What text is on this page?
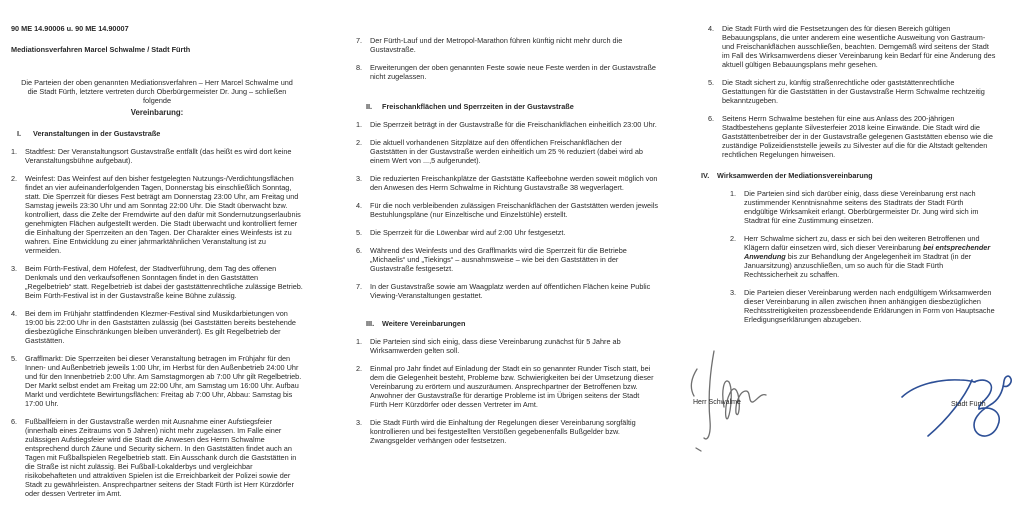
90 ME 14.90006 u. 90 ME 14.90007
Mediationsverfahren Marcel Schwalme / Stadt Fürth
Die Parteien der oben genannten Mediationsverfahren – Herr Marcel Schwalme und die Stadt Fürth, letztere vertreten durch Oberbürgermeister Dr. Jung – schließen folgende
Vereinbarung:
I.	Veranstaltungen in der Gustavstraße
1.	Stadtfest: Der Veranstaltungsort Gustavstraße entfällt (das heißt es wird dort keine Veranstaltungsbühne aufgebaut).
2.	Weinfest: Das Weinfest auf den bisher festgelegten Nutzungs-/Verdichtungsflächen findet an vier aufeinanderfolgenden Tagen, Donnerstag bis einschließlich Sonntag, statt. Die Sperrzeit für dieses Fest beträgt am Donnerstag 23:00 Uhr, am Freitag und Samstag jeweils 23:30 Uhr und am Sonntag 22:00 Uhr. Die Stadt überwacht bzw. kontrolliert, dass die Zelte der Fremdwirte auf den dafür mit Sondernutzungserlaubnis genehmigten Flächen aufgestellt werden. Die Stadt überwacht und kontrolliert ferner die Einhaltung der Sperrzeiten an den Tagen. Der Charakter eines Weinfests ist zu wahren. Eine Entwicklung zu einer jahrmarktähnlichen Veranstaltung ist zu vermeiden.
3.	Beim Fürth-Festival, dem Höfefest, der Stadtverführung, dem Tag des offenen Denkmals und den verkaufsoffenen Sonntagen findet in den Gaststätten „Regelbetrieb“ statt. Regelbetrieb ist dabei der gaststättenrechtliche zulässige Betrieb. Beim Fürth-Festival ist in der Gustavstraße keine Bühne zulässig.
4.	Bei dem im Frühjahr stattfindenden Klezmer-Festival sind Musikdarbietungen von 19:00 bis 22:00 Uhr in den Gaststätten zulässig (bei Gaststätten bereits bestehende diesbezügliche Einschränkungen bleiben unverändert). Es gilt Regelbetrieb der Gaststätten.
5.	Grafflmarkt: Die Sperrzeiten bei dieser Veranstaltung betragen im Frühjahr für den Innen- und Außenbetrieb jeweils 1:00 Uhr, im Herbst für den Außenbetrieb 24:00 Uhr und für den Innenbetrieb 2:00 Uhr. Am Samstagmorgen ab 7:00 Uhr gilt Regelbetrieb. Der Markt selbst endet am Freitag um 22:00 Uhr, am Samstag um 16:00 Uhr. Aufbau Markt und verdichtete Bewirtungsflächen: Freitag ab 7:00 Uhr, Abbau: Samstag bis 17:00 Uhr.
6.	Fußballfeiern in der Gustavstraße werden mit Ausnahme einer Aufstiegsfeier (innerhalb eines Zeitraums von 5 Jahren) nicht mehr zugelassen. Im Falle einer zulässigen Aufstiegsfeier wird die Stadt die Anwesen des Herrn Schwalme entsprechend durch Zäune und Security sichern. In den Gaststätten findet auch an Tagen mit Fußballspielen Regelbetrieb statt. Ein Ausschank durch die Gaststätten in die Straße ist nicht zulässig. Bei Fußball-Lokalderbys und vergleichbar risikobehafteten und attraktiven Spielen ist die Erreichbarkeit der Polizei sowie der Stadt zu gewährleisten. Ansprechpartner seitens der Stadt Fürth ist Herr Kürzdörfer oder dessen Vertreter im Amt.
7.	Der Fürth-Lauf und der Metropol-Marathon führen künftig nicht mehr durch die Gustavstraße.
8.	Erweiterungen der oben genannten Feste sowie neue Feste werden in der Gustavstraße nicht zugelassen.
II.	Freischankflächen und Sperrzeiten in der Gustavstraße
1.	Die Sperrzeit beträgt in der Gustavstraße für die Freischankflächen einheitlich 23:00 Uhr.
2.	Die aktuell vorhandenen Sitzplätze auf den öffentlichen Freischankflächen der Gaststätten in der Gustavstraße werden einheitlich um 25 % reduziert (dabei wird ab einem Wert von ...,5 aufgerundet).
3.	Die reduzierten Freischankplätze der Gaststätte Kaffeebohne werden soweit möglich von den Anwesen des Herrn Schwalme in Richtung Gustavstraße 38 wegverlagert.
4.	Für die noch verbleibenden zulässigen Freischankflächen der Gaststätten werden jeweils Bestuhlungspläne (nur Einzeltische und Einzelstühle) erstellt.
5.	Die Sperrzeit für die Löwenbar wird auf 2:00 Uhr festgesetzt.
6.	Während des Weinfests und des Grafflmarkts wird die Sperrzeit für die Betriebe „Michaelis“ und „Tiekings“ – ausnahmsweise – wie bei den Gaststätten in der Gustavstraße festgesetzt.
7.	In der Gustavstraße sowie am Waagplatz werden auf öffentlichen Flächen keine Public Viewing-Veranstaltungen gestattet.
III.	Weitere Vereinbarungen
1.	Die Parteien sind sich einig, dass diese Vereinbarung zunächst für 5 Jahre ab Wirksamwerden gelten soll.
2.	Einmal pro Jahr findet auf Einladung der Stadt ein so genannter Runder Tisch statt, bei dem die Gelegenheit besteht, Probleme bzw. Schwierigkeiten bei der Umsetzung dieser Vereinbarung zu erörtern und auszuräumen. Ansprechpartner der Betroffenen bzw. Anwohner der Gustavstraße für derartige Probleme ist im Übrigen seitens der Stadt Fürth Herr Kürzdörfer oder dessen Vertreter im Amt.
3.	Die Stadt Fürth wird die Einhaltung der Regelungen dieser Vereinbarung sorgfältig kontrollieren und bei festgestellten Verstößen gegebenenfalls Bußgelder bzw. Zwangsgelder verhängen oder festsetzen.
4.	Die Stadt Fürth wird die Festsetzungen des für diesen Bereich gültigen Bebauungsplans, die unter anderem eine wesentliche Ausweitung von Gastraum- und Freischankflächen ausschließen, beachten. Demgemäß wird seitens der Stadt im Fall des Wirksamwerdens dieser Vereinbarung kein Bedarf für eine Änderung des aktuell gültigen Bebauungsplans mehr gesehen.
5.	Die Stadt sichert zu, künftig straßenrechtliche oder gaststättenrechtliche Gestattungen für die Gaststätten in der Gustavstraße Herrn Schwalme rechtzeitig bekanntzugeben.
6.	Seitens Herrn Schwalme bestehen für eine aus Anlass des 200-jährigen Stadtbestehens geplante Silvesterfeier 2018 keine Einwände. Die Stadt wird die Gaststättenbetreiber der in der Gustavstraße gelegenen Gaststätten ebenso wie die zuständige Polizeidienststelle jeweils zu Silvester auf die für die Altstadt geltenden rechtlichen Regelungen hinweisen.
IV.	Wirksamwerden der Mediationsvereinbarung
1.	Die Parteien sind sich darüber einig, dass diese Vereinbarung erst nach zustimmender Kenntnisnahme seitens des Stadtrats der Stadt Fürth endgültige Wirksamkeit erlangt. Oberbürgermeister Dr. Jung wird sich im Stadtrat für eine Zustimmung einsetzen.
2.	Herr Schwalme sichert zu, dass er sich bei den weiteren Betroffenen und Klägern dafür einsetzen wird, sich dieser Vereinbarung bei entsprechender Anwendung bis zur Behandlung der Angelegenheit im Stadtrat (in der Januarsitzung) anzuschließen, um so auch für die Stadt Fürth Rechtssicherheit zu schaffen.
3.	Die Parteien dieser Vereinbarung werden nach endgültigem Wirksamwerden dieser Vereinbarung in allen zwischen ihnen anhängigen diesbezüglichen Rechtsstreitigkeiten prozessbeendende Erklärungen in Form von Hauptsache Erledigungserklärungen abzugeben.
Herr Schwalme	Stadt Fürth
